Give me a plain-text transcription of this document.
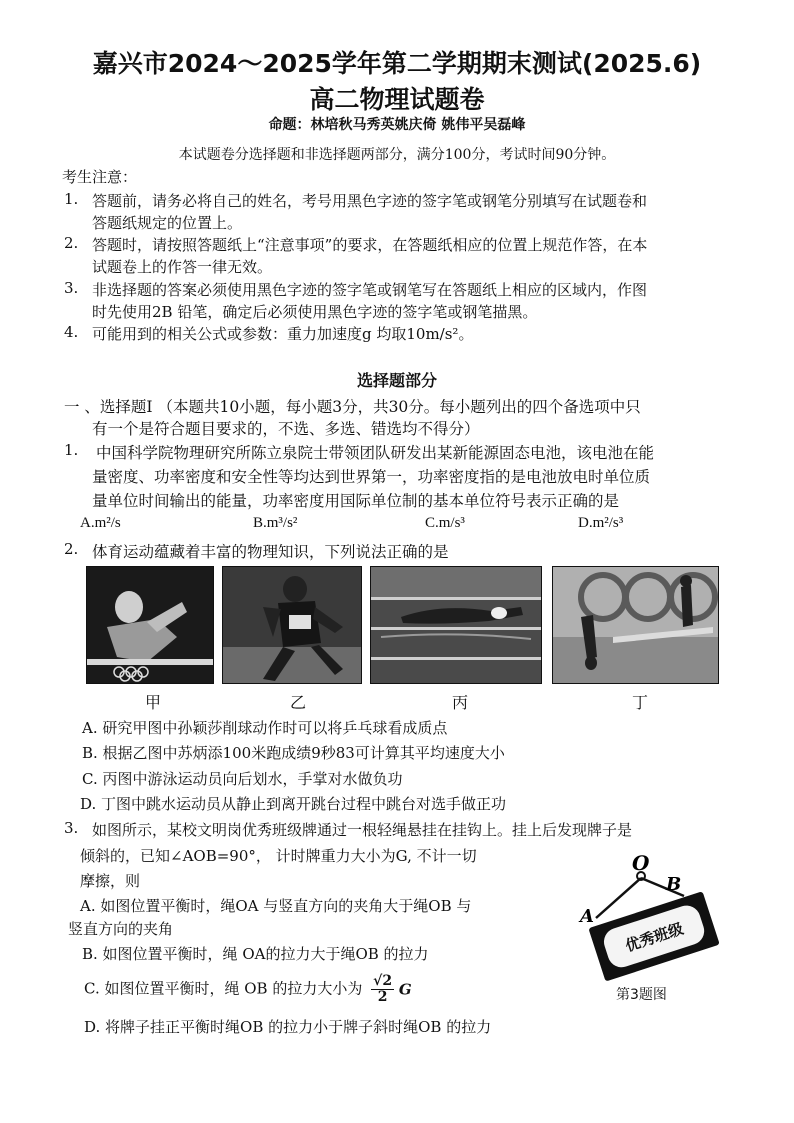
嘉兴市2024～2025学年第二学期期末测试(2025.6)
高二物理试题卷
命题：林培秋马秀英姚庆倚 姚伟平吴磊峰
本试题卷分选择题和非选择题两部分，满分100分，考试时间90分钟。
考生注意：
1. 答题前，请务必将自己的姓名，考号用黑色字迹的签字笔或钢笔分别填写在试题卷和
答题纸规定的位置上。
2. 答题时，请按照答题纸上“注意事项”的要求，在答题纸相应的位置上规范作答，在本
试题卷上的作答一律无效。
3. 非选择题的答案必须使用黑色字迹的签字笔或钢笔写在答题纸上相应的区域内，作图
时先使用2B 铅笔，确定后必须使用黑色字迹的签字笔或钢笔描黑。
4. 可能用到的相关公式或参数：重力加速度g 均取10m/s²。
选择题部分
一 、选择题I （本题共10小题，每小题3分，共30分。每小题列出的四个备选项中只
有一个是符合题目要求的，不选、多选、错选均不得分）
1. 中国科学院物理研究所陈立泉院士带领团队研发出某新能源固态电池，该电池在能
量密度、功率密度和安全性等均达到世界第一，功率密度指的是电池放电时单位质
量单位时间输出的能量，功率密度用国际单位制的基本单位符号表示正确的是
A.m²/s	B.m³/s²	C.m/s³	D.m²/s³
2. 体育运动蕴藏着丰富的物理知识，下列说法正确的是
甲	乙	丙	丁
A. 研究甲图中孙颖莎削球动作时可以将乒乓球看成质点
B. 根据乙图中苏炳添100米跑成绩9秒83可计算其平均速度大小
C. 丙图中游泳运动员向后划水，手掌对水做负功
D. 丁图中跳水运动员从静止到离开跳台过程中跳台对选手做正功
3. 如图所示，某校文明岗优秀班级牌通过一根轻绳悬挂在挂钩上。挂上后发现牌子是
倾斜的，已知∠AOB=90°， 计时牌重力大小为G, 不计一切
摩擦，则
A. 如图位置平衡时，绳OA 与竖直方向的夹角大于绳OB 与
竖直方向的夹角
B. 如图位置平衡时，绳 OA的拉力大于绳OB 的拉力
C. 如图位置平衡时，绳 OB 的拉力大小为 $\frac{√2}{2}$ G
D. 将牌子挂正平衡时绳OB 的拉力小于牌子斜时绳OB 的拉力
优秀班级
O
B
A
第3题图
